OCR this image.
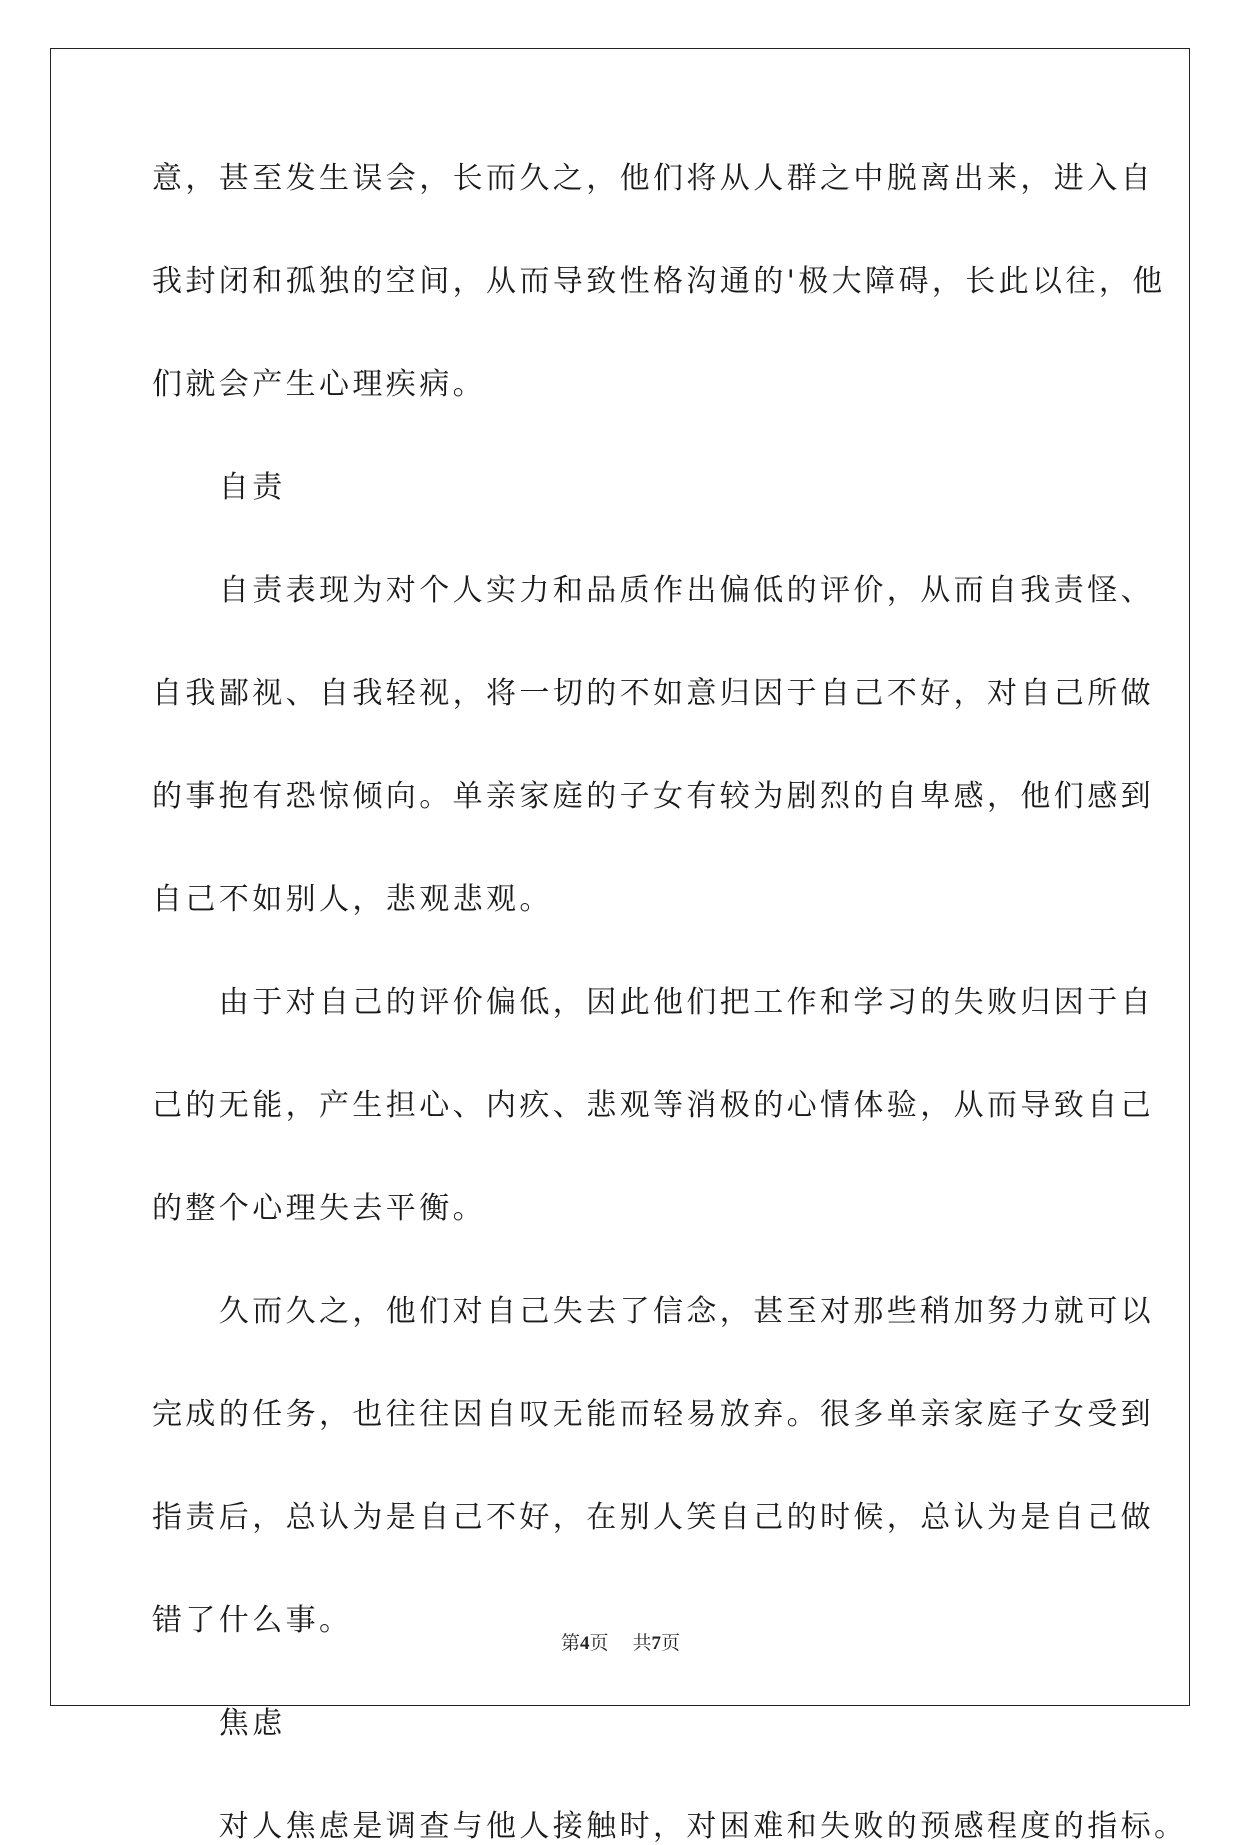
意，甚至发生误会，长而久之，他们将从人群之中脱离出来，进入自
我封闭和孤独的空间，从而导致性格沟通的'极大障碍，长此以往，他
们就会产生心理疾病。
　　自责
　　自责表现为对个人实力和品质作出偏低的评价，从而自我责怪、
自我鄙视、自我轻视，将一切的不如意归因于自己不好，对自己所做
的事抱有恐惊倾向。单亲家庭的子女有较为剧烈的自卑感，他们感到
自己不如别人，悲观悲观。
　　由于对自己的评价偏低，因此他们把工作和学习的失败归因于自
己的无能，产生担心、内疚、悲观等消极的心情体验，从而导致自己
的整个心理失去平衡。
　　久而久之，他们对自己失去了信念，甚至对那些稍加努力就可以
完成的任务，也往往因自叹无能而轻易放弃。很多单亲家庭子女受到
指责后，总认为是自己不好，在别人笑自己的时候，总认为是自己做
错了什么事。
　　焦虑
　　对人焦虑是调查与他人接触时，对困难和失败的预感程度的指标。
第4页 共7页
